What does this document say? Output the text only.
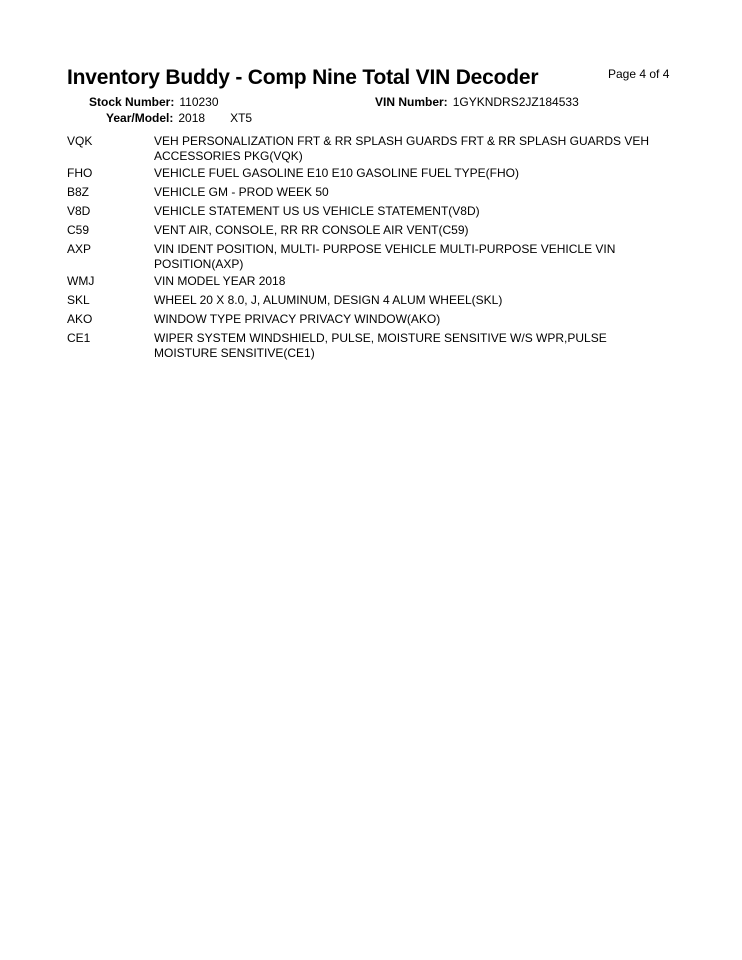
Inventory Buddy - Comp Nine Total VIN Decoder	Page 4 of 4
Stock Number: 110230	VIN Number: 1GYKNDRS2JZ184533
Year/Model: 2018 XT5
VQK	VEH PERSONALIZATION FRT & RR SPLASH GUARDS FRT & RR SPLASH GUARDS VEH ACCESSORIES PKG(VQK)
FHO	VEHICLE FUEL GASOLINE E10 E10 GASOLINE FUEL TYPE(FHO)
B8Z	VEHICLE GM - PROD WEEK 50
V8D	VEHICLE STATEMENT US US VEHICLE STATEMENT(V8D)
C59	VENT AIR, CONSOLE, RR RR CONSOLE AIR VENT(C59)
AXP	VIN IDENT POSITION, MULTI- PURPOSE VEHICLE MULTI-PURPOSE VEHICLE VIN POSITION(AXP)
WMJ	VIN MODEL YEAR 2018
SKL	WHEEL 20 X 8.0, J, ALUMINUM, DESIGN 4 ALUM WHEEL(SKL)
AKO	WINDOW TYPE PRIVACY PRIVACY WINDOW(AKO)
CE1	WIPER SYSTEM WINDSHIELD, PULSE, MOISTURE SENSITIVE W/S WPR,PULSE MOISTURE SENSITIVE(CE1)
